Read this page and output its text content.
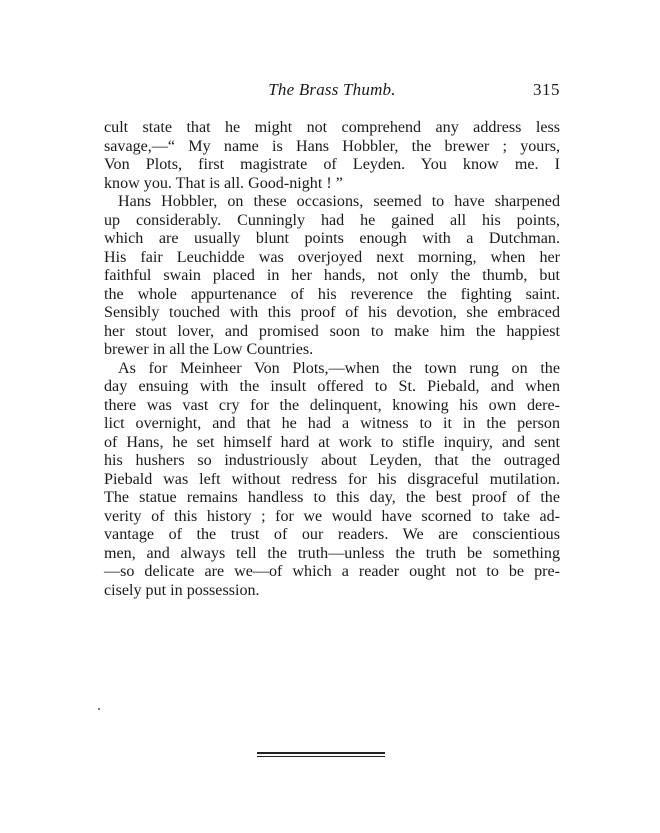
The Brass Thumb.	315
cult state that he might not comprehend any address less
savage,—“ My name is Hans Hobbler, the brewer ; yours,
Von Plots, first magistrate of Leyden. You know me. I
know you. That is all. Good-night ! ”
Hans Hobbler, on these occasions, seemed to have sharpened
up considerably. Cunningly had he gained all his points,
which are usually blunt points enough with a Dutchman.
His fair Leuchidde was overjoyed next morning, when her
faithful swain placed in her hands, not only the thumb, but
the whole appurtenance of his reverence the fighting saint.
Sensibly touched with this proof of his devotion, she embraced
her stout lover, and promised soon to make him the happiest
brewer in all the Low Countries.
As for Meinheer Von Plots,—when the town rung on the
day ensuing with the insult offered to St. Piebald, and when
there was vast cry for the delinquent, knowing his own dere-
lict overnight, and that he had a witness to it in the person
of Hans, he set himself hard at work to stifle inquiry, and sent
his hushers so industriously about Leyden, that the outraged
Piebald was left without redress for his disgraceful mutilation.
The statue remains handless to this day, the best proof of the
verity of this history ; for we would have scorned to take ad-
vantage of the trust of our readers. We are conscientious
men, and always tell the truth—unless the truth be something
—so delicate are we—of which a reader ought not to be pre-
cisely put in possession.
